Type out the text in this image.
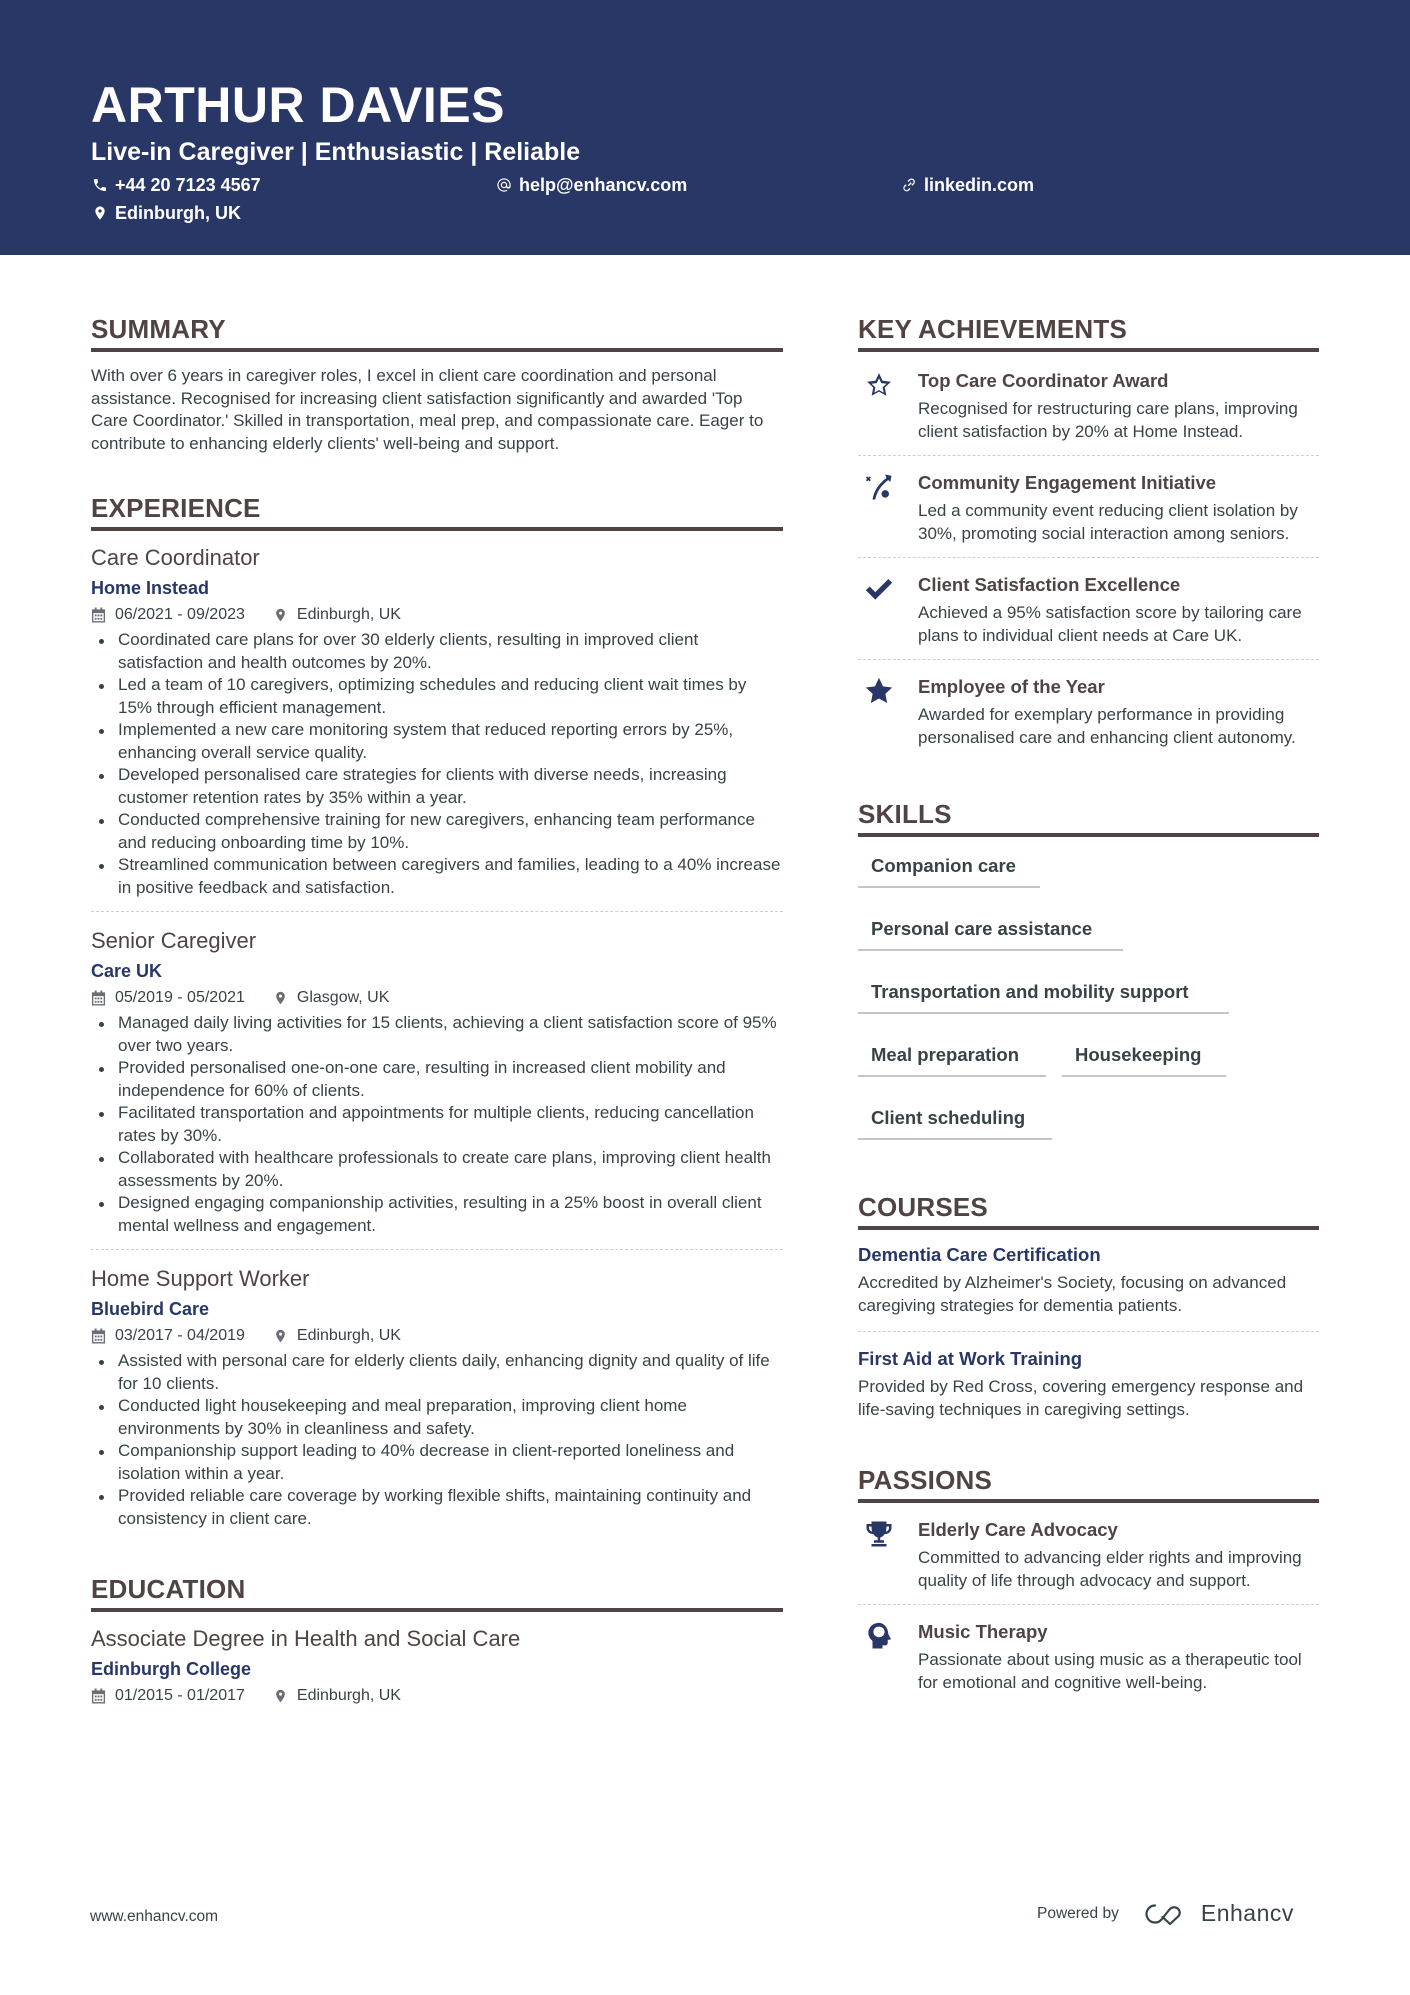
ARTHUR DAVIES
Live-in Caregiver | Enthusiastic | Reliable
+44 20 7123 4567	help@enhancv.com	linkedin.com
Edinburgh, UK
SUMMARY
With over 6 years in caregiver roles, I excel in client care coordination and personal assistance. Recognised for increasing client satisfaction significantly and awarded 'Top Care Coordinator.' Skilled in transportation, meal prep, and compassionate care. Eager to contribute to enhancing elderly clients' well-being and support.
EXPERIENCE
Care Coordinator
Home Instead
06/2021 - 09/2023	Edinburgh, UK
Coordinated care plans for over 30 elderly clients, resulting in improved client satisfaction and health outcomes by 20%.
Led a team of 10 caregivers, optimizing schedules and reducing client wait times by 15% through efficient management.
Implemented a new care monitoring system that reduced reporting errors by 25%, enhancing overall service quality.
Developed personalised care strategies for clients with diverse needs, increasing customer retention rates by 35% within a year.
Conducted comprehensive training for new caregivers, enhancing team performance and reducing onboarding time by 10%.
Streamlined communication between caregivers and families, leading to a 40% increase in positive feedback and satisfaction.
Senior Caregiver
Care UK
05/2019 - 05/2021	Glasgow, UK
Managed daily living activities for 15 clients, achieving a client satisfaction score of 95% over two years.
Provided personalised one-on-one care, resulting in increased client mobility and independence for 60% of clients.
Facilitated transportation and appointments for multiple clients, reducing cancellation rates by 30%.
Collaborated with healthcare professionals to create care plans, improving client health assessments by 20%.
Designed engaging companionship activities, resulting in a 25% boost in overall client mental wellness and engagement.
Home Support Worker
Bluebird Care
03/2017 - 04/2019	Edinburgh, UK
Assisted with personal care for elderly clients daily, enhancing dignity and quality of life for 10 clients.
Conducted light housekeeping and meal preparation, improving client home environments by 30% in cleanliness and safety.
Companionship support leading to 40% decrease in client-reported loneliness and isolation within a year.
Provided reliable care coverage by working flexible shifts, maintaining continuity and consistency in client care.
EDUCATION
Associate Degree in Health and Social Care
Edinburgh College
01/2015 - 01/2017	Edinburgh, UK
KEY ACHIEVEMENTS
Top Care Coordinator Award
Recognised for restructuring care plans, improving client satisfaction by 20% at Home Instead.
Community Engagement Initiative
Led a community event reducing client isolation by 30%, promoting social interaction among seniors.
Client Satisfaction Excellence
Achieved a 95% satisfaction score by tailoring care plans to individual client needs at Care UK.
Employee of the Year
Awarded for exemplary performance in providing personalised care and enhancing client autonomy.
SKILLS
Companion care
Personal care assistance
Transportation and mobility support
Meal preparation	Housekeeping
Client scheduling
COURSES
Dementia Care Certification
Accredited by Alzheimer's Society, focusing on advanced caregiving strategies for dementia patients.
First Aid at Work Training
Provided by Red Cross, covering emergency response and life-saving techniques in caregiving settings.
PASSIONS
Elderly Care Advocacy
Committed to advancing elder rights and improving quality of life through advocacy and support.
Music Therapy
Passionate about using music as a therapeutic tool for emotional and cognitive well-being.
www.enhancv.com	Powered by	Enhancv
